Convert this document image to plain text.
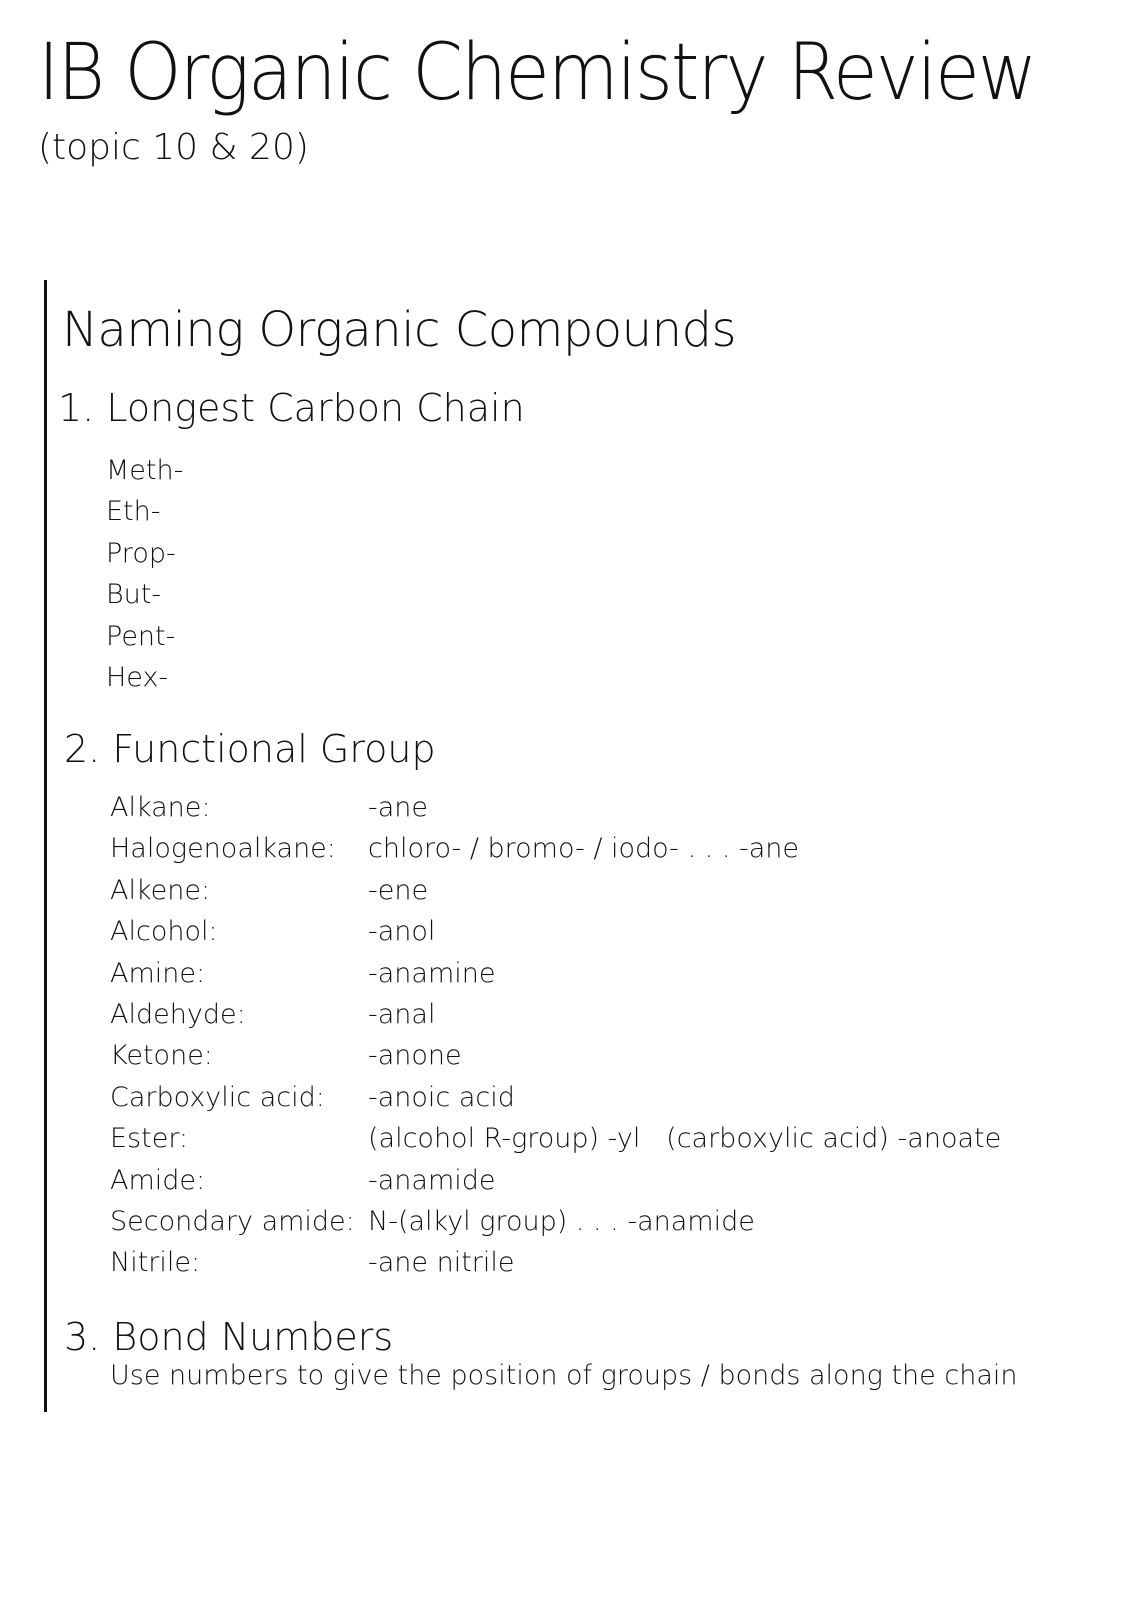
IB Organic Chemistry Review
(topic 10 & 20)
Naming Organic Compounds
1. Longest Carbon Chain
Meth-
Eth-
Prop-
But-
Pent-
Hex-
2. Functional Group
Alkane:	-ane
Halogenoalkane: chloro- / bromo- / iodo- . . . -ane
Alkene:	-ene
Alcohol:	-anol
Amine:	-anamine
Aldehyde:	-anal
Ketone:	-anone
Carboxylic acid: -anoic acid
Ester:	(alcohol R-group) -yl   (carboxylic acid) -anoate
Amide:	-anamide
Secondary amide: N-(alkyl group) . . . -anamide
Nitrile:	-ane nitrile
3. Bond Numbers
Use numbers to give the position of groups / bonds along the chain
